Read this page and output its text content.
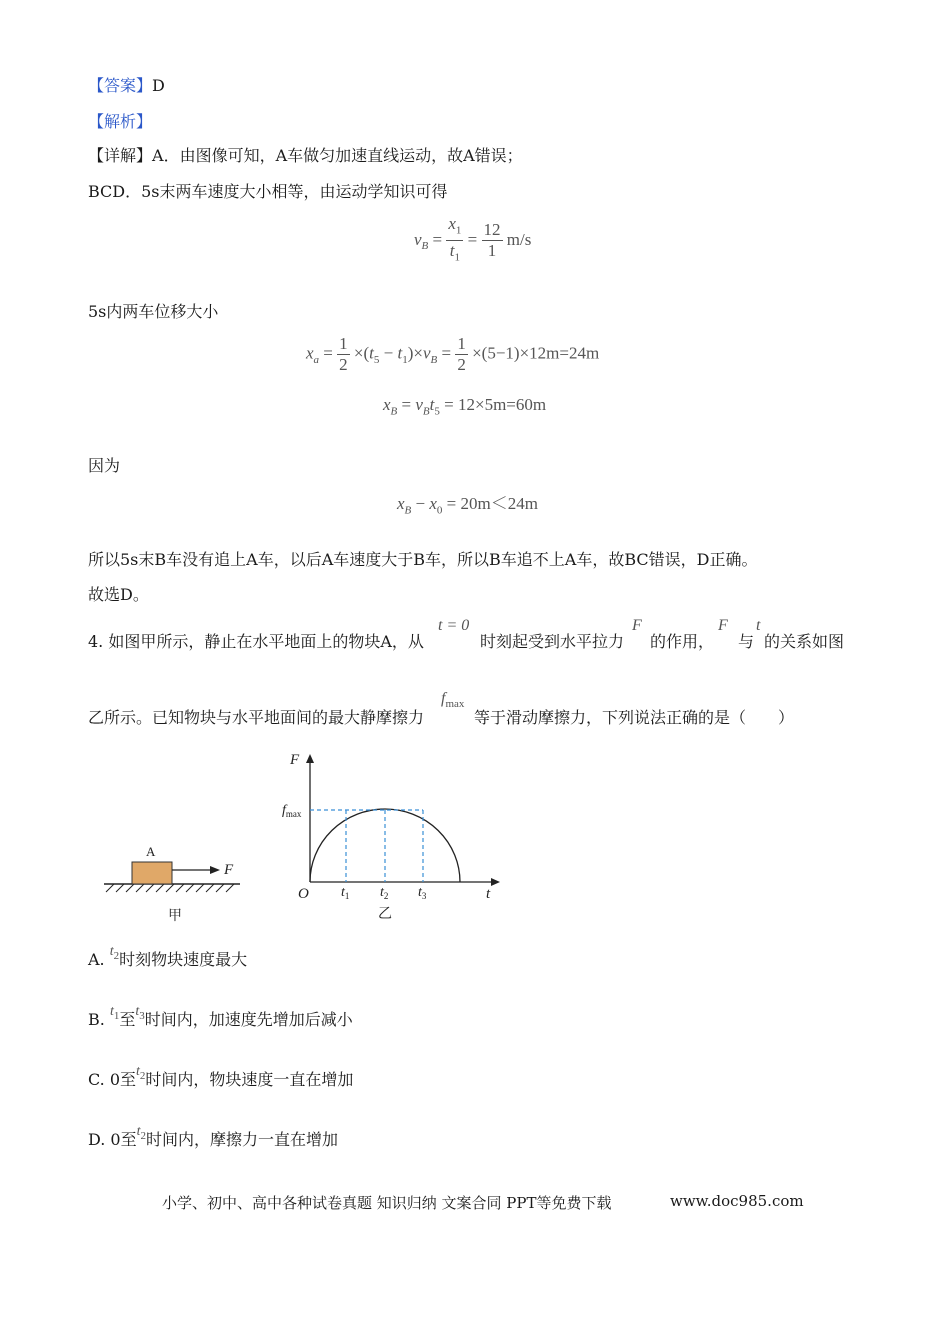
【答案】D
【解析】
【详解】A．由图像可知，A车做匀加速直线运动，故A错误；
BCD．5s末两车速度大小相等，由运动学知识可得
$v_B = \frac{x_1}{t_1} = \frac{12}{1} m/s$
5s内两车位移大小
$x_a = \frac{1}{2} \times(t_5 - t_1)\times v_B = \frac{1}{2} \times(5-1)\times 12m=24m$
$x_B = v_Bt_5 = 12\times 5m=60m$
因为
$x_B - x_0 = 20m<24m$
所以5s末B车没有追上A车，以后A车速度大于B车，所以B车追不上A车，故BC错误，D正确。
故选D。
4. 如图甲所示，静止在水平地面上的物块A，从
t = 0
时刻起受到水平拉力
F
的作用，
F
与
t
的关系如图
乙所示。已知物块与水平地面间的最大静摩擦力
$f_{max}$
等于滑动摩擦力，下列说法正确的是（　　）
A
F
甲
F
t
O
$f_{max}$
$t_1$ $t_2$ $t_3$
乙
A. $t_2$时刻物块速度最大
B. $t_1$至$t_3$时间内，加速度先增加后减小
C. 0至$t_2$时间内，物块速度一直在增加
D. 0至$t_2$时间内，摩擦力一直在增加
小学、初中、高中各种试卷真题 知识归纳 文案合同 PPT等免费下载	www.doc985.com
